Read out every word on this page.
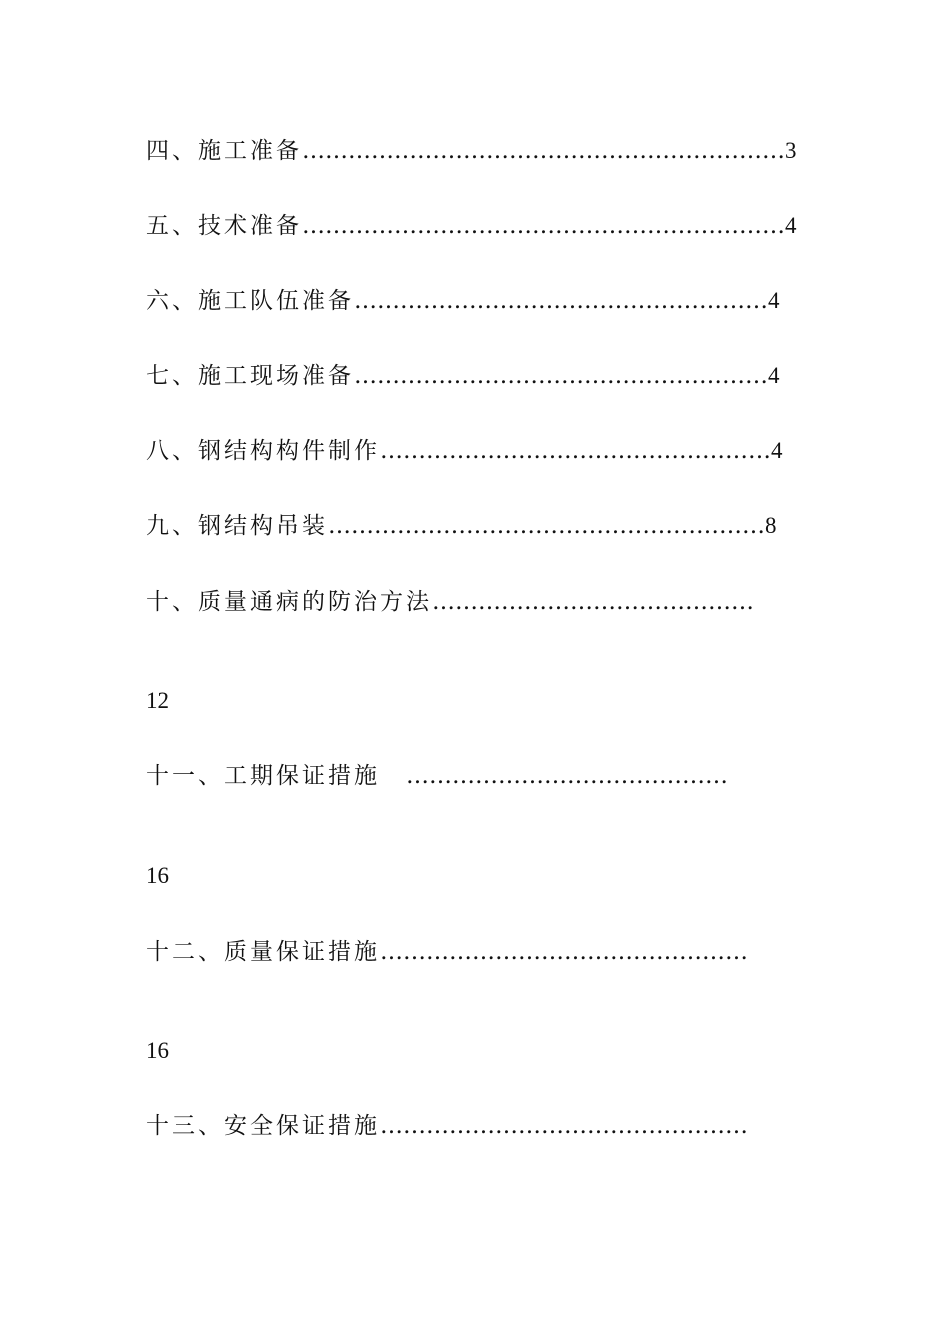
四、施工准备………………………………………………………3
五、技术准备………………………………………………………4
六、施工队伍准备………………………………………………4
七、施工现场准备………………………………………………4
八、钢结构构件制作……………………………………………4
九、钢结构吊装…………………………………………………8
十、质量通病的防治方法……………………………………
12
十一、工期保证措施　……………………………………
16
十二、质量保证措施…………………………………………
16
十三、安全保证措施…………………………………………
